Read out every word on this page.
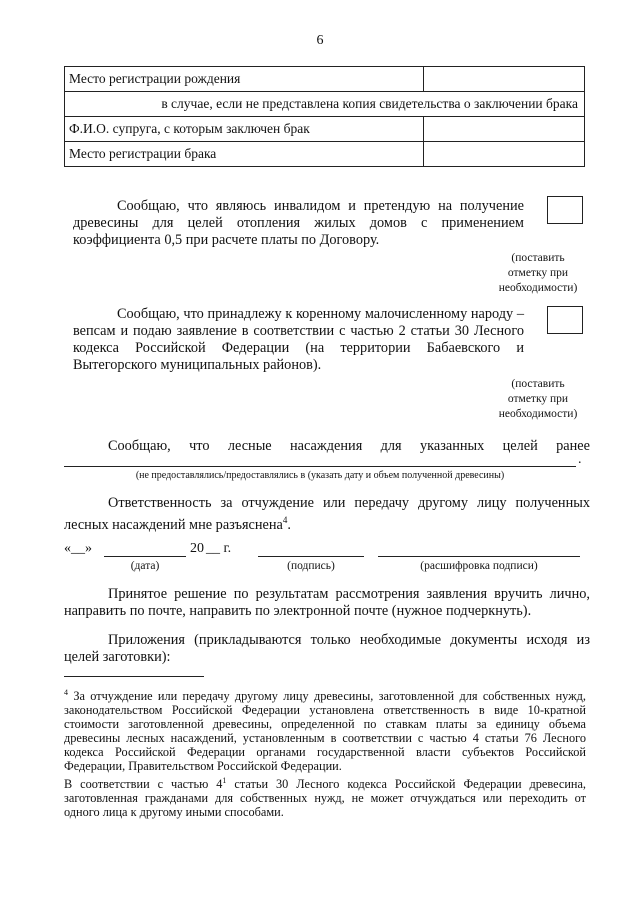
6
Место регистрации рождения	
в случае, если не представлена копия свидетельства о заключении брака	
Ф.И.О. супруга, с которым заключен брак	
Место регистрации брака	
Сообщаю, что являюсь инвалидом и претендую на получение древесины для целей отопления жилых домов с применением коэффициента 0,5 при расчете платы по Договору.
(поставить
отметку при
необходимости)
Сообщаю, что принадлежу к коренному малочисленному народу – вепсам и подаю заявление в соответствии с частью 2 статьи 30 Лесного кодекса Российской Федерации (на территории Бабаевского и Вытегорского муниципальных районов).
(поставить
отметку при
необходимости)
Сообщаю, что лесные насаждения для указанных целей ранее
.
(не предоставлялись/предоставлялись в (указать дату и объем полученной древесины)
Ответственность за отчуждение или передачу другому лицу полученных лесных насаждений мне разъяснена$^4$.
«__»	20 __ г.
(дата)	(подпись)	(расшифровка подписи)
Принятое решение по результатам рассмотрения заявления вручить лично, направить по почте, направить по электронной почте (нужное подчеркнуть).
Приложения (прикладываются только необходимые документы исходя из целей заготовки):
$^4$ За отчуждение или передачу другому лицу древесины, заготовленной для собственных нужд, законодательством Российской Федерации установлена ответственность в виде 10-кратной стоимости заготовленной древесины, определенной по ставкам платы за единицу объема древесины лесных насаждений, установленным в соответствии с частью 4 статьи 76 Лесного кодекса Российской Федерации органами государственной власти субъектов Российской Федерации, Правительством Российской Федерации.
В соответствии с частью $4^1$ статьи 30 Лесного кодекса Российской Федерации древесина, заготовленная гражданами для собственных нужд, не может отчуждаться или переходить от одного лица к другому иными способами.
